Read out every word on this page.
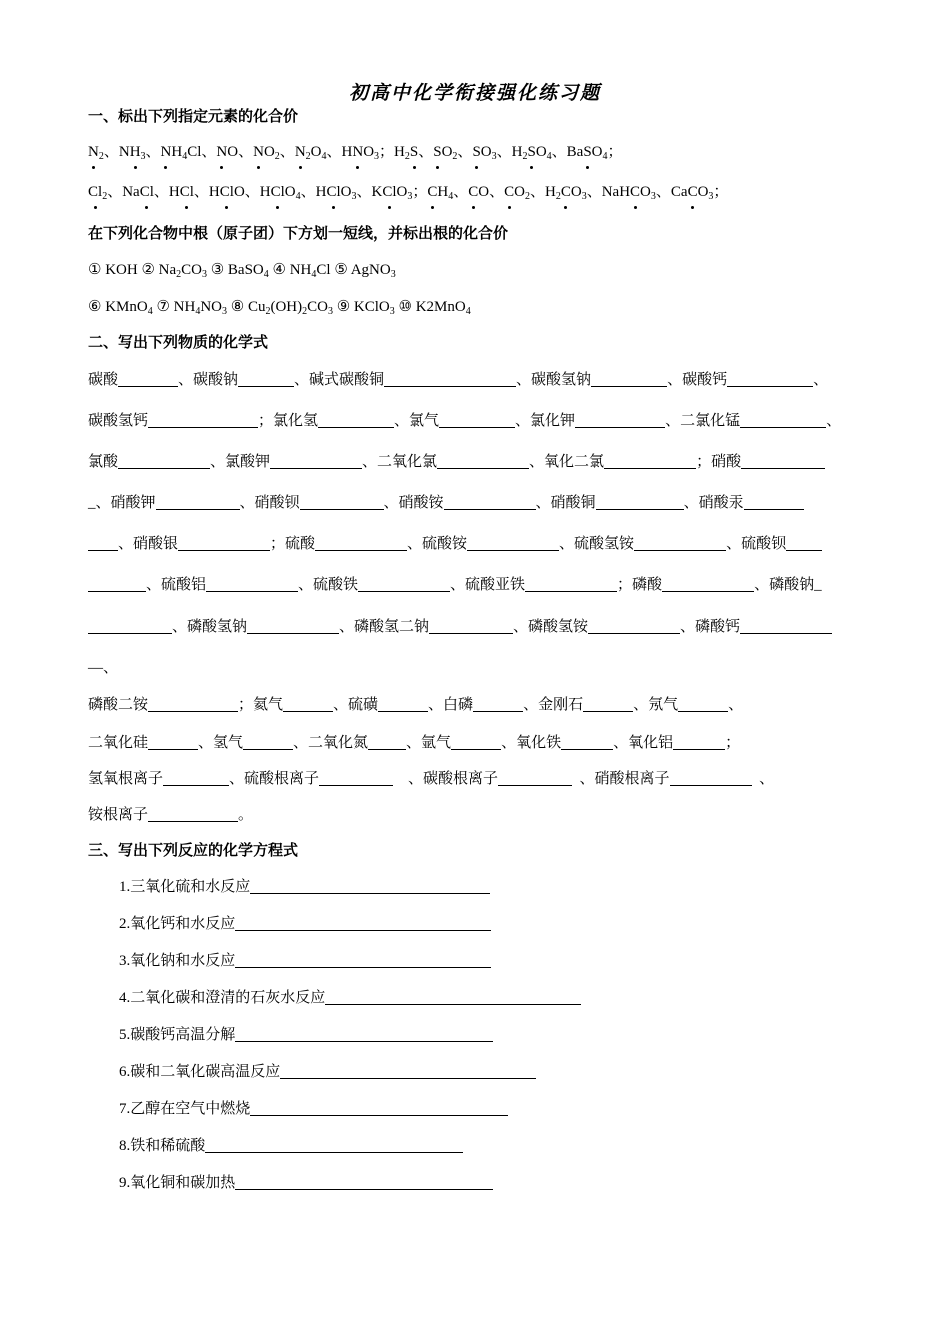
初高中化学衔接强化练习题
一、标出下列指定元素的化合价
$N_2$、$NH_3$、$NH_4Cl$、NO、$NO_2$、$N_2O_4$、$HNO_3$；$H_2S$、$SO_2$、$SO_3$、$H_2SO_4$、BaSO$_4$；
$Cl_2$、NaCl、HCl、HClO、HClO$_4$、HClO$_3$、KClO$_3$；$CH_4$、CO、$CO_2$、$H_2CO_3$、NaHCO$_3$、CaCO$_3$；
在下列化合物中根（原子团）下方划一短线，并标出根的化合价
① KOH ② $Na_2CO_3$ ③ BaSO$_4$ ④ $NH_4Cl$ ⑤ AgNO$_3$
⑥ KMnO$_4$ ⑦ $NH_4NO_3$ ⑧ $Cu_2(OH)_2CO_3$ ⑨ KClO$_3$ ⑩ K2MnO$_4$
二、写出下列物质的化学式
碳酸	、碳酸钠	、碱式碳酸铜	、碳酸氢钠	、碳酸钙	、
碳酸氢钙	；氯化氢	、氯气	、氯化钾	、二氯化锰	、
氯酸	、氯酸钾	、二氧化氯	、氧化二氯	；硝酸
_、硝酸钾	、硝酸钡	、硝酸铵	、硝酸铜	、硝酸汞
、硝酸银	；硫酸	、硫酸铵	、硫酸氢铵	、硫酸钡
、硫酸铝	、硫酸铁	、硫酸亚铁	；磷酸	、磷酸钠_
、磷酸氢钠	、磷酸氢二钠	、磷酸氢铵	、磷酸钙
—、
磷酸二铵	；氦气	、硫磺	、白磷	、金刚石	、氖气	、
二氧化硅	、氢气	、二氧化氮	、氩气	、氧化铁	、氧化铝	；
氢氧根离子	、硫酸根离子	、碳酸根离子	、硝酸根离子	、
铵根离子	。
三、写出下列反应的化学方程式
1.三氧化硫和水反应
2.氧化钙和水反应
3.氧化钠和水反应
4.二氧化碳和澄清的石灰水反应
5.碳酸钙高温分解
6.碳和二氧化碳高温反应
7.乙醇在空气中燃烧
8.铁和稀硫酸
9.氧化铜和碳加热
